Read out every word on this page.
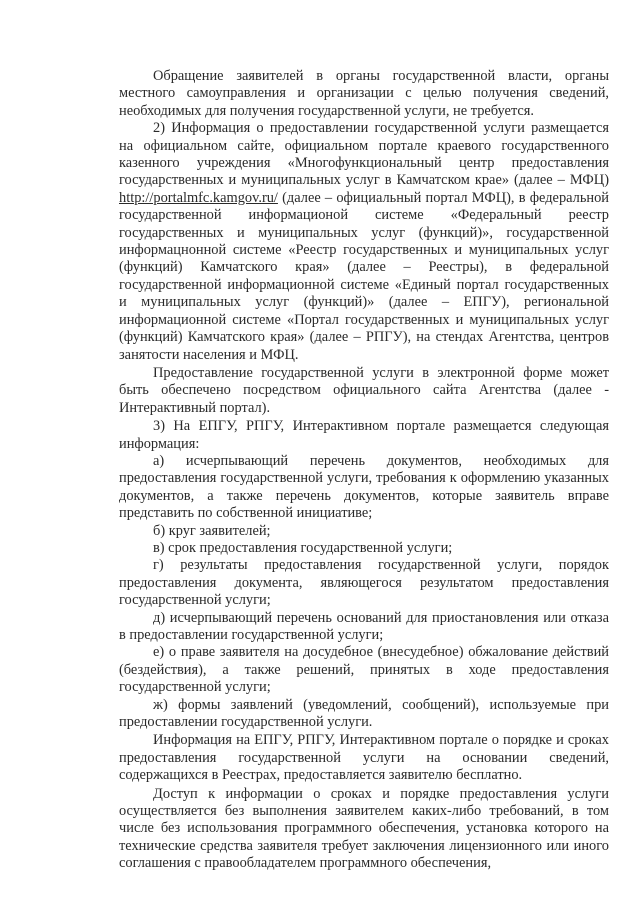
Обращение заявителей в органы государственной власти, органы местного самоуправления и организации с целью получения сведений, необходимых для получения государственной услуги, не требуется.

2) Информация о предоставлении государственной услуги размещается на официальном сайте, официальном портале краевого государственного казенного учреждения «Многофункциональный центр предоставления государственных и муниципальных услуг в Камчатском крае» (далее – МФЦ) http://portalmfc.kamgov.ru/ (далее – официальный портал МФЦ), в федеральной государственной информационой системе «Федеральный реестр государственных и муниципальных услуг (функций)», государственной информацнонной системе «Реестр государственных и муниципальных услуг (функций) Камчатского края» (далее – Реестры), в федеральной государственной информационной системе «Единый портал государственных и муниципальных услуг (функций)» (далее – ЕПГУ), региональной информационной системе «Портал государственных и муниципальных услуг (функций) Камчатского края» (далее – РПГУ), на стендах Агентства, центров занятости населения и МФЦ.

Предоставление государственной услуги в электронной форме может быть обеспечено посредством официального сайта Агентства (далее - Интерактивный портал).

3) На ЕПГУ, РПГУ, Интерактивном портале размещается следующая информация:

а) исчерпывающий перечень документов, необходимых для предоставления государственной услуги, требования к оформлению указанных документов, а также перечень документов, которые заявитель вправе представить по собственной инициативе;

б) круг заявителей;

в) срок предоставления государственной услуги;

г) результаты предоставления государственной услуги, порядок предоставления документа, являющегося результатом предоставления государственной услуги;

д) исчерпывающий перечень оснований для приостановления или отказа в предоставлении государственной услуги;

е) о праве заявителя на досудебное (внесудебное) обжалование действий (бездействия), а также решений, принятых в ходе предоставления государственной услуги;

ж) формы заявлений (уведомлений, сообщений), используемые при предоставлении государственной услуги.

Информация на ЕПГУ, РПГУ, Интерактивном портале о порядке и сроках предоставления государственной услуги на основании сведений, содержащихся в Реестрах, предоставляется заявителю бесплатно.

Доступ к информации о сроках и порядке предоставления услуги осуществляется без выполнения заявителем каких-либо требований, в том числе без использования программного обеспечения, установка которого на технические средства заявителя требует заключения лицензионного или иного соглашения с правообладателем программного обеспечения,
